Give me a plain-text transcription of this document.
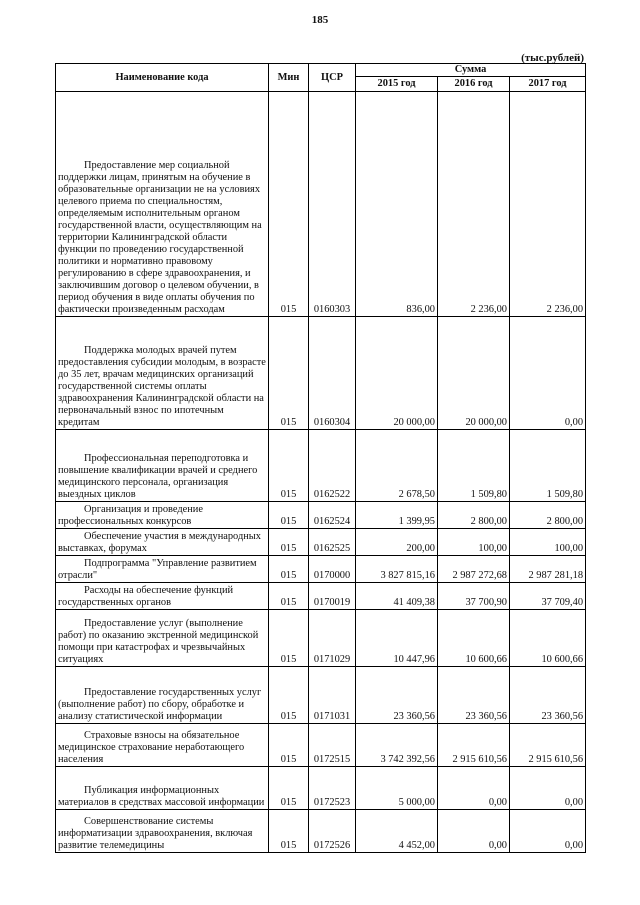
185
(тыс.рублей)
Наименование кода	Мин	ЦСР	Сумма		
			2015 год	2016 год	2017 год
Предоставление мер социальной поддержки лицам, принятым на обучение в образовательные организации не на условиях целевого приема по специальностям, определяемым исполнительным органом государственной власти, осуществляющим на территории Калининградской области функции по проведению государственной политики и нормативно правовому регулированию в сфере здравоохранения, и заключившим договор о целевом обучении, в период обучения в виде оплаты обучения по фактически произведенным расходам	015	0160303	836,00	2 236,00	2 236,00
Поддержка молодых врачей путем предоставления субсидии молодым, в возрасте до 35 лет, врачам медицинских организаций государственной системы оплаты здравоохранения Калининградской области на первоначальный взнос по ипотечным кредитам	015	0160304	20 000,00	20 000,00	0,00
Профессиональная переподготовка и повышение квалификации врачей и среднего медицинского персонала, организация выездных циклов	015	0162522	2 678,50	1 509,80	1 509,80
Организация и проведение профессиональных конкурсов	015	0162524	1 399,95	2 800,00	2 800,00
Обеспечение участия в международных выставках, форумах	015	0162525	200,00	100,00	100,00
Подпрограмма "Управление развитием отрасли"	015	0170000	3 827 815,16	2 987 272,68	2 987 281,18
Расходы на обеспечение функций государственных органов	015	0170019	41 409,38	37 700,90	37 709,40
Предоставление услуг (выполнение работ) по оказанию экстренной медицинской помощи при катастрофах и чрезвычайных ситуациях	015	0171029	10 447,96	10 600,66	10 600,66
Предоставление государственных услуг (выполнение работ) по сбору, обработке и анализу статистической информации	015	0171031	23 360,56	23 360,56	23 360,56
Страховые взносы на обязательное медицинское страхование неработающего населения	015	0172515	3 742 392,56	2 915 610,56	2 915 610,56
Публикация информационных материалов в средствах массовой информации	015	0172523	5 000,00	0,00	0,00
Совершенствование системы информатизации здравоохранения, включая развитие телемедицины	015	0172526	4 452,00	0,00	0,00
